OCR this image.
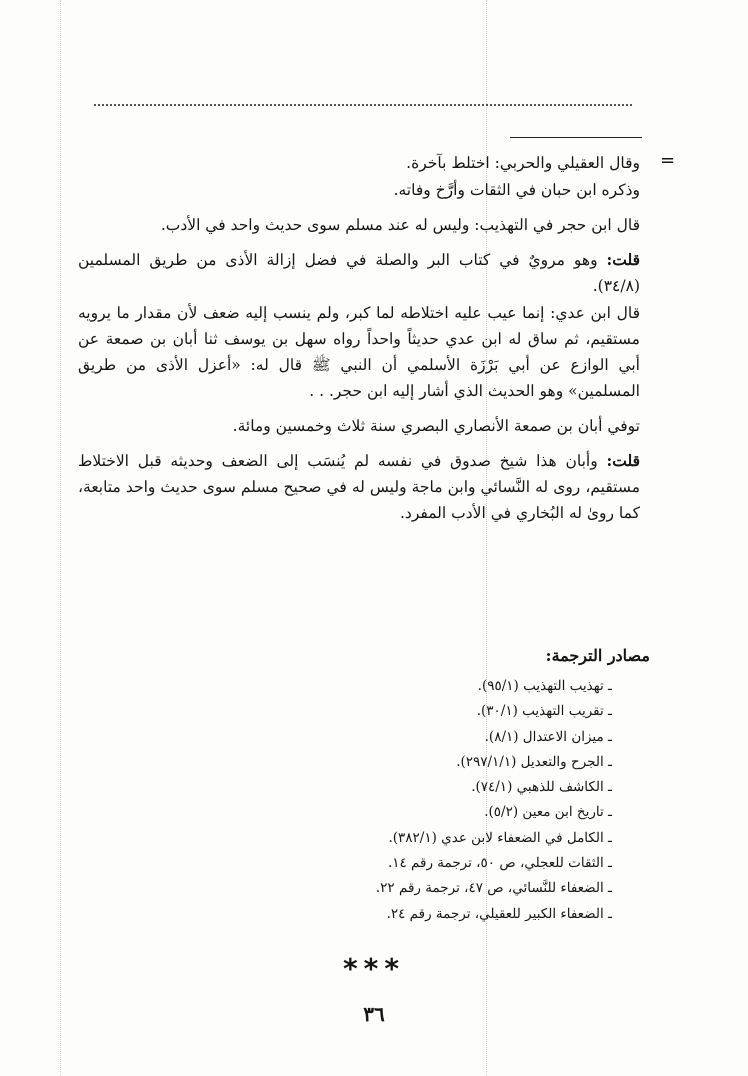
=

وقال العقيلي والحربي: اختلط بآخرة.

وذكره ابن حبان في الثقات وأرَّخ وفاته.

قال ابن حجر في التهذيب: وليس له عند مسلم سوى حديث واحد في الأدب.

قلت: وهو مرويٌ في كتاب البر والصلة في فضل إزالة الأذى من طريق المسلمين (٣٤/٨).

قال ابن عدي: إنما عيب عليه اختلاطه لما كبر، ولم ينسب إليه ضعف لأن مقدار ما يرويه مستقيم، ثم ساق له ابن عدي حديثاً واحداً رواه سهل بن يوسف ثنا أبان بن صمعة عن أبي الوازع عن أبي بَرْزَة الأسلمي أن النبي ﷺ قال له: «أعزل الأذى من طريق المسلمين» وهو الحديث الذي أشار إليه ابن حجر. . .

توفي أبان بن صمعة الأنصاري البصري سنة ثلاث وخمسين ومائة.

قلت: وأبان هذا شيخ صدوق في نفسه لم يُنسَب إلى الضعف وحديثه قبل الاختلاط مستقيم، روى له النَّسائي وابن ماجة وليس له في صحيح مسلم سوى حديث واحد متابعة، كما روىٰ له البُخاري في الأدب المفرد.

مصادر الترجمة:
ـ تهذيب التهذيب (٩٥/١).
ـ تقريب التهذيب (٣٠/١).
ـ ميزان الاعتدال (٨/١).
ـ الجرح والتعديل (٢٩٧/١/١).
ـ الكاشف للذهبي (٧٤/١).
ـ تاريخ ابن معين (٥/٢).
ـ الكامل في الضعفاء لابن عدي (٣٨٢/١).
ـ الثقات للعجلي، ص ٥٠، ترجمة رقم ١٤.
ـ الضعفاء للنَّسائي، ص ٤٧، ترجمة رقم ٢٢.
ـ الضعفاء الكبير للعقيلي، ترجمة رقم ٢٤.
***
٣٦
